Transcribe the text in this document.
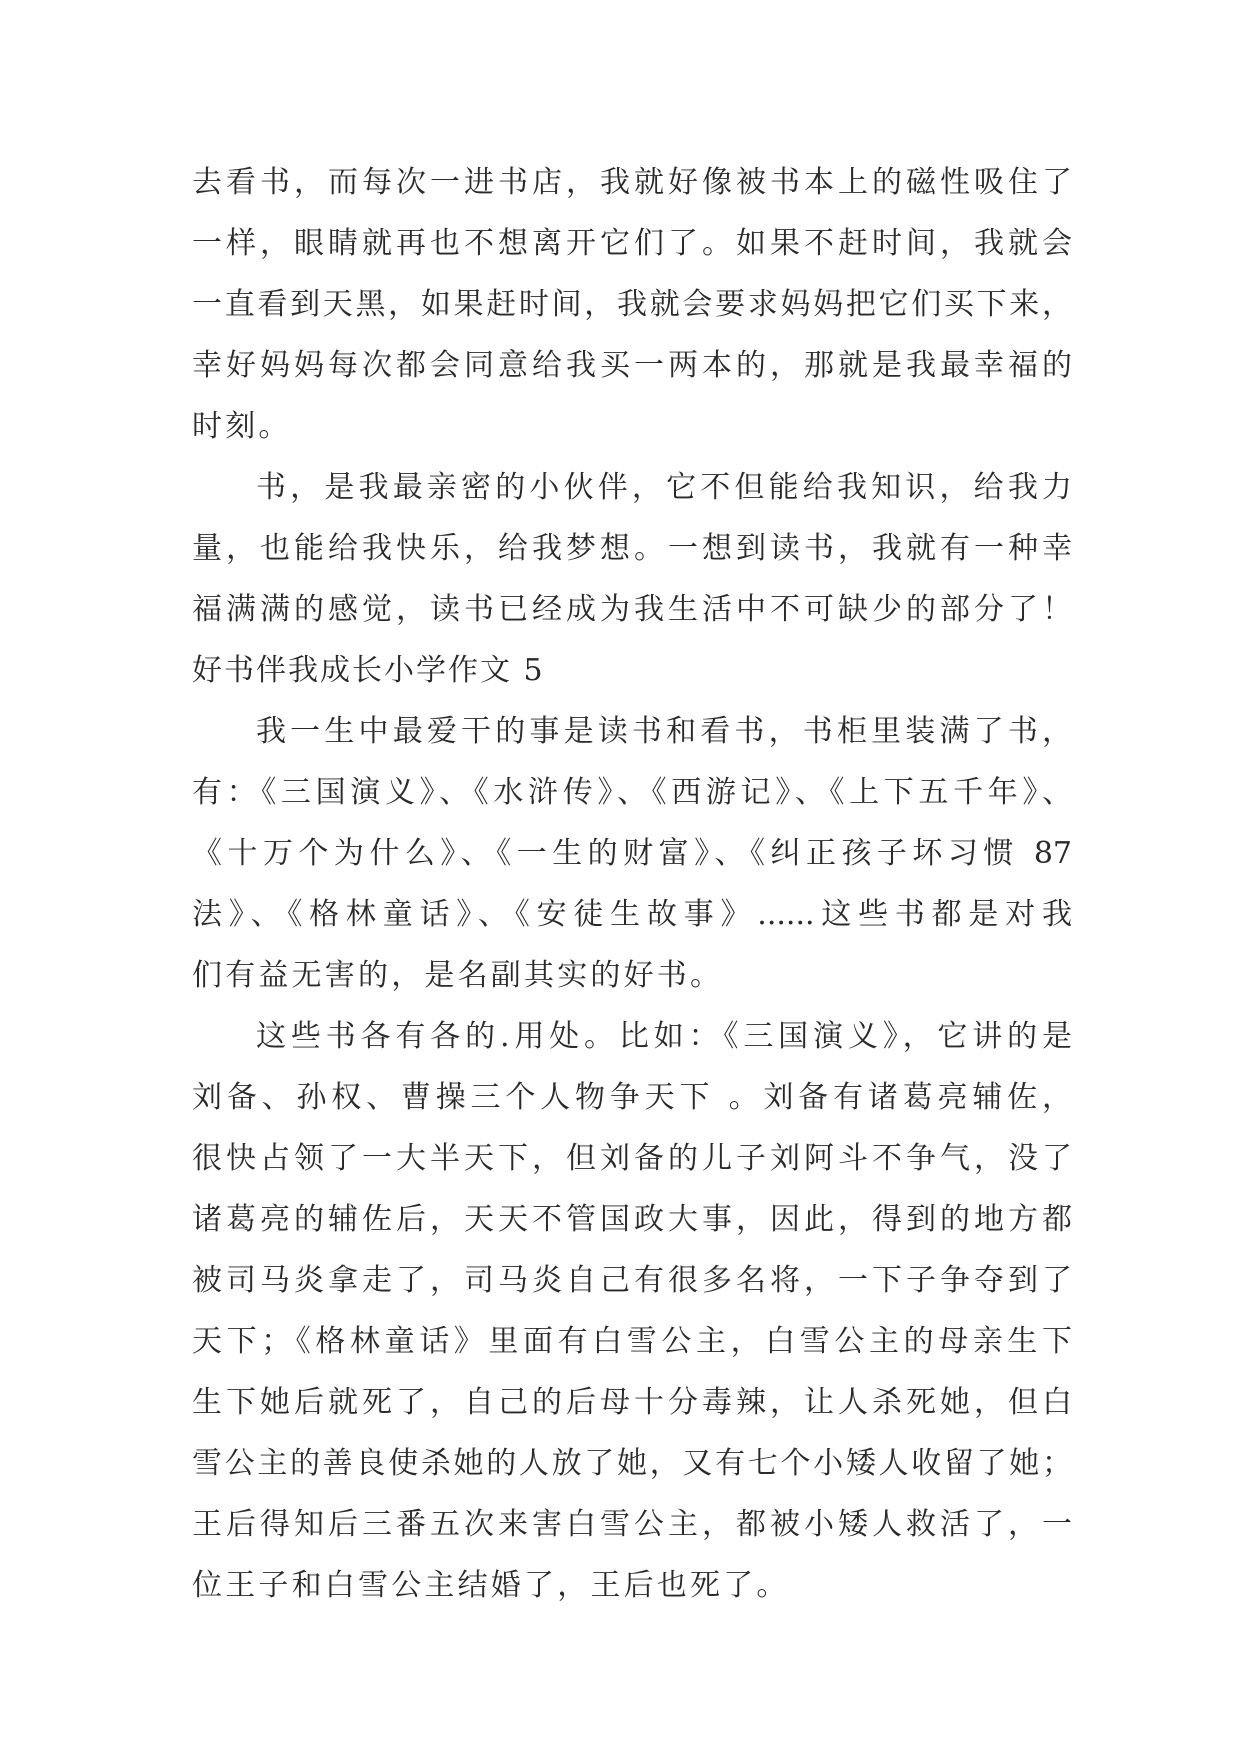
去看书，而每次一进书店，我就好像被书本上的磁性吸住了
一样，眼睛就再也不想离开它们了。如果不赶时间，我就会
一直看到天黑，如果赶时间，我就会要求妈妈把它们买下来，
幸好妈妈每次都会同意给我买一两本的，那就是我最幸福的
时刻。
书，是我最亲密的小伙伴，它不但能给我知识，给我力
量，也能给我快乐，给我梦想。一想到读书，我就有一种幸
福满满的感觉，读书已经成为我生活中不可缺少的部分了！
好书伴我成长小学作文 5
我一生中最爱干的事是读书和看书，书柜里装满了书，
有：《三国演义》、《水浒传》、《西游记》、《上下五千年》、
《十万个为什么》、《一生的财富》、《纠正孩子坏习惯 87
法》、《格林童话》、《安徒生故事》......这些书都是对我
们有益无害的，是名副其实的好书。
这些书各有各的.用处。比如：《三国演义》，它讲的是
刘备、孙权、曹操三个人物争天下 。刘备有诸葛亮辅佐，
很快占领了一大半天下，但刘备的儿子刘阿斗不争气，没了
诸葛亮的辅佐后，天天不管国政大事，因此，得到的地方都
被司马炎拿走了，司马炎自己有很多名将，一下子争夺到了
天下；《格林童话》里面有白雪公主，白雪公主的母亲生下
生下她后就死了，自己的后母十分毒辣，让人杀死她，但白
雪公主的善良使杀她的人放了她，又有七个小矮人收留了她；
王后得知后三番五次来害白雪公主，都被小矮人救活了，一
位王子和白雪公主结婚了，王后也死了。
